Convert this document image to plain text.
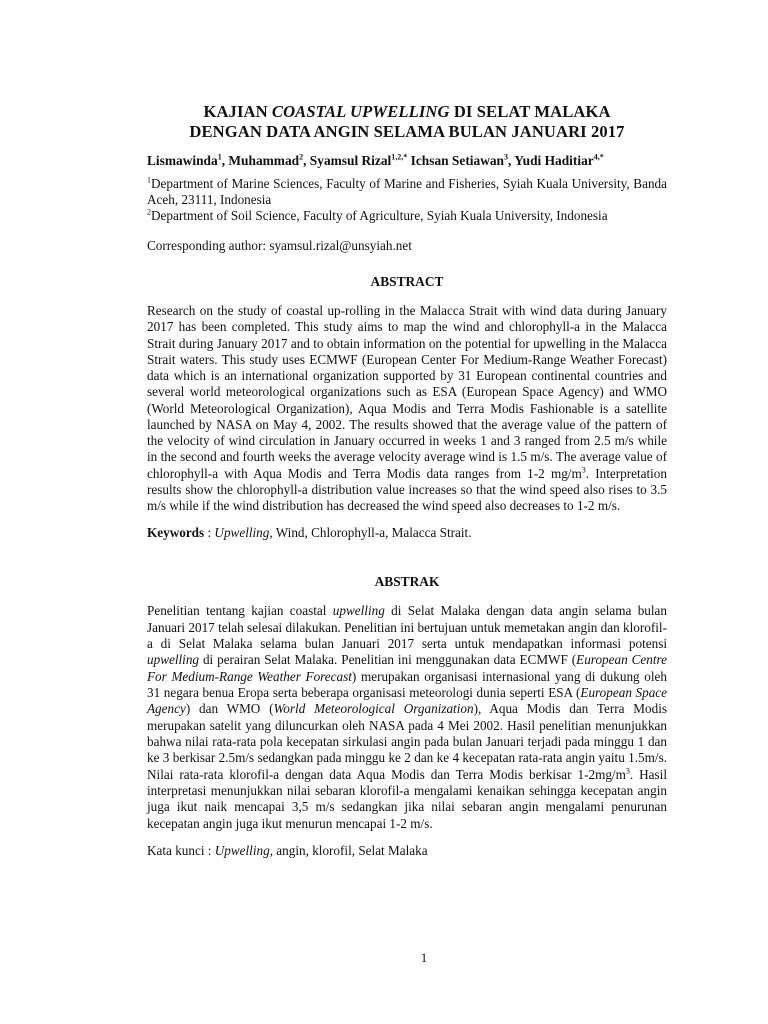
KAJIAN COASTAL UPWELLING DI SELAT MALAKA
DENGAN DATA ANGIN SELAMA BULAN JANUARI 2017
Lismawinda$^1$, Muhammad$^2$, Syamsul Rizal$^{1,2,*}$ Ichsan Setiawan$^3$, Yudi Haditiar$^{4,*}$

$^1$Department of Marine Sciences, Faculty of Marine and Fisheries, Syiah Kuala University, Banda Aceh, 23111, Indonesia

$^2$Department of Soil Science, Faculty of Agriculture, Syiah Kuala University, Indonesia

Corresponding author: syamsul.rizal@unsyiah.net
ABSTRACT

Research on the study of coastal up-rolling in the Malacca Strait with wind data during January 2017 has been completed. This study aims to map the wind and chlorophyll-a in the Malacca Strait during January 2017 and to obtain information on the potential for upwelling in the Malacca Strait waters. This study uses ECMWF (European Center For Medium-Range Weather Forecast) data which is an international organization supported by 31 European continental countries and several world meteorological organizations such as ESA (European Space Agency) and WMO (World Meteorological Organization), Aqua Modis and Terra Modis Fashionable is a satellite launched by NASA on May 4, 2002. The results showed that the average value of the pattern of the velocity of wind circulation in January occurred in weeks 1 and 3 ranged from 2.5 m/s while in the second and fourth weeks the average velocity average wind is 1.5 m/s. The average value of chlorophyll-a with Aqua Modis and Terra Modis data ranges from 1-2 $mg/m^3$. Interpretation results show the chlorophyll-a distribution value increases so that the wind speed also rises to 3.5 m/s while if the wind distribution has decreased the wind speed also decreases to 1-2 m/s.

Keywords : Upwelling, Wind, Chlorophyll-a, Malacca Strait.
ABSTRAK
Penelitian tentang kajian coastal upwelling di Selat Malaka dengan data angin selama bulan Januari 2017 telah selesai dilakukan. Penelitian ini bertujuan untuk memetakan angin dan klorofil-a di Selat Malaka selama bulan Januari 2017 serta untuk mendapatkan informasi potensi upwelling di perairan Selat Malaka. Penelitian ini menggunakan data ECMWF (European Centre For Medium-Range Weather Forecast) merupakan organisasi internasional yang di dukung oleh 31 negara benua Eropa serta beberapa organisasi meteorologi dunia seperti ESA (European Space Agency) dan WMO (World Meteorological Organization), Aqua Modis dan Terra Modis merupakan satelit yang diluncurkan oleh NASA pada 4 Mei 2002. Hasil penelitian menunjukkan bahwa nilai rata-rata pola kecepatan sirkulasi angin pada bulan Januari terjadi pada minggu 1 dan ke 3 berkisar 2.5m/s sedangkan pada minggu ke 2 dan ke 4 kecepatan rata-rata angin yaitu 1.5m/s. Nilai rata-rata klorofil-a dengan data Aqua Modis dan Terra Modis berkisar $1-2mg/m^3$. Hasil interpretasi menunjukkan nilai sebaran klorofil-a mengalami kenaikan sehingga kecepatan angin juga ikut naik mencapai 3,5 m/s sedangkan jika nilai sebaran angin mengalami penurunan kecepatan angin juga ikut menurun mencapai 1-2 m/s.
Kata kunci : Upwelling, angin, klorofil, Selat Malaka
1
